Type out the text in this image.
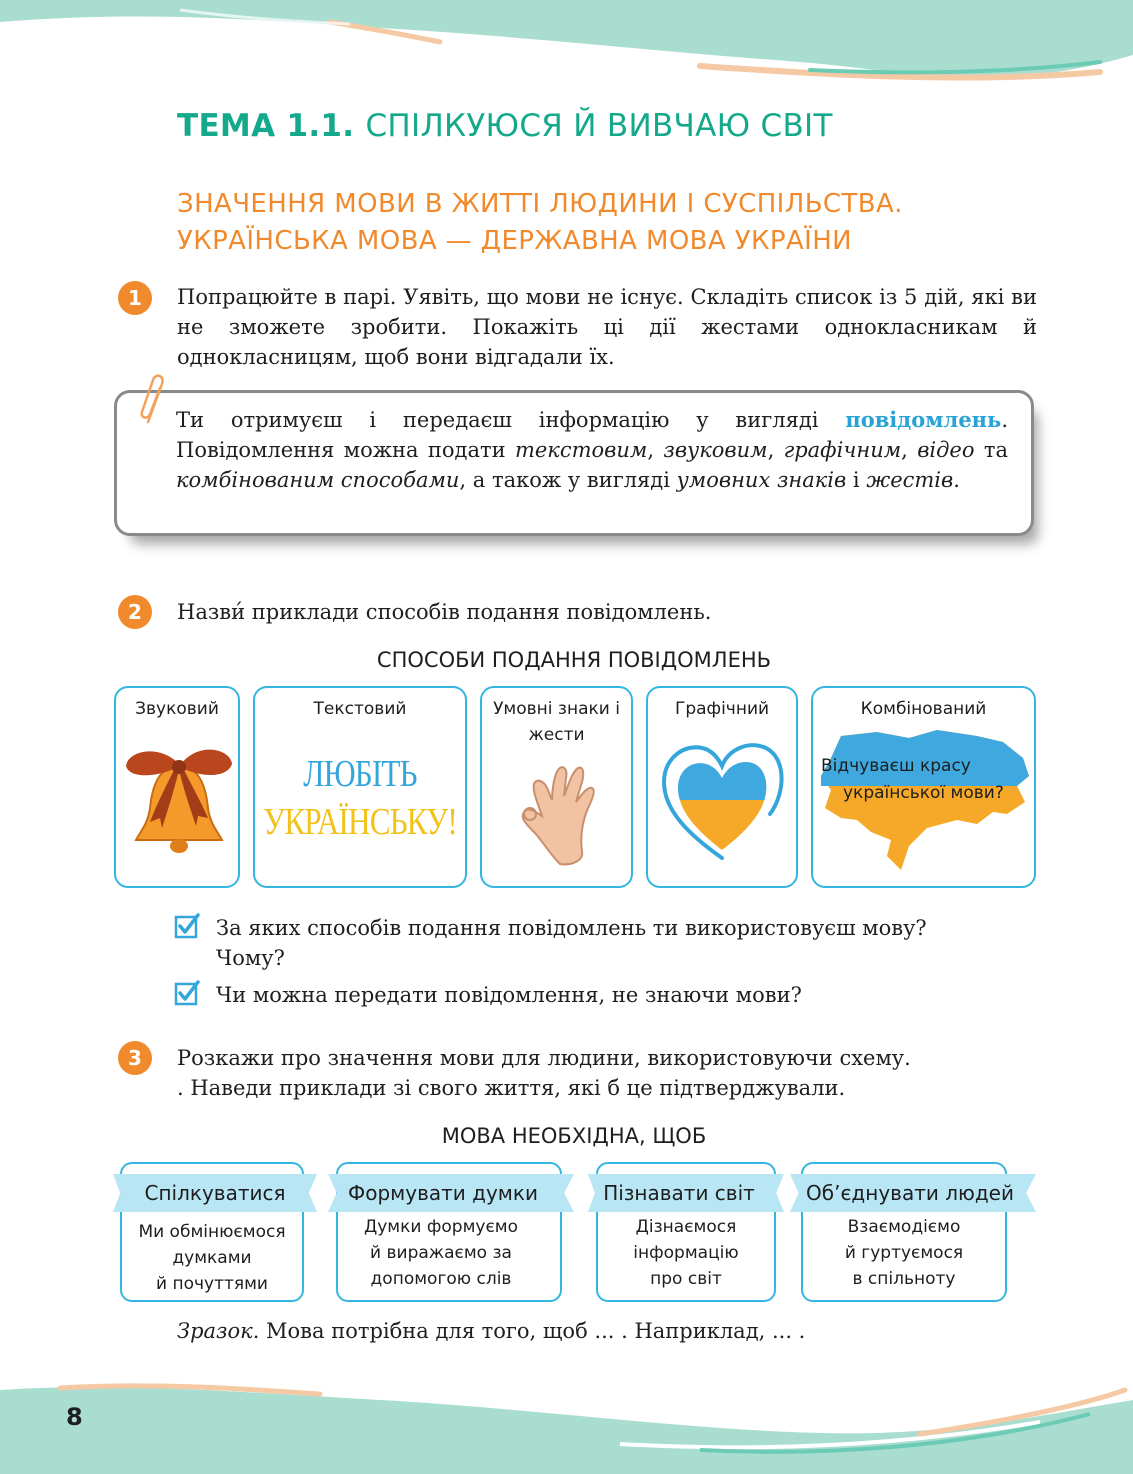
ТЕМА 1.1. СПІЛКУЮСЯ Й ВИВЧАЮ СВІТ
ЗНАЧЕННЯ МОВИ В ЖИТТІ ЛЮДИНИ І СУСПІЛЬСТВА.
УКРАЇНСЬКА МОВА — ДЕРЖАВНА МОВА УКРАЇНИ
1	Попрацюйте в парі. Уявіть, що мови не існує. Складіть список із 5 дій, які ви не зможете зробити. Покажіть ці дії жестами однокласникам й однокласницям, щоб вони відгадали їх.
Ти отримуєш і передаєш інформацію у вигляді повідомлень. Повідомлення можна подати текстовим, звуковим, графічним, відео та комбінованим способами, а також у вигляді умовних знаків і жестів.
2	Назви́ приклади способів подання повідомлень.
СПОСОБИ ПОДАННЯ ПОВІДОМЛЕНЬ
Звуковий	Текстовий
ЛЮБІТЬ
УКРАЇНСЬКУ!
Умовні знаки і жести
Графічний	Комбінований
Відчуваєш красу
української мови?
За яких способів подання повідомлень ти використовуєш мову?
Чому?
Чи можна передати повідомлення, не знаючи мови?
3	Розкажи про значення мови для людини, використовуючи схему.
. Наведи приклади зі свого життя, які б це підтверджували.
МОВА НЕОБХІДНА, ЩОБ
Спілкуватися
Ми обмінюємося
думками
й почуттями
Формувати думки
Думки формуємо
й виражаємо за
допомогою слів
Пізнавати світ
Дізнаємося
інформацію
про світ
Об’єднувати людей
Взаємодіємо
й гуртуємося
в спільноту
Зразок. Мова потрібна для того, щоб ... . Наприклад, ... .
8
